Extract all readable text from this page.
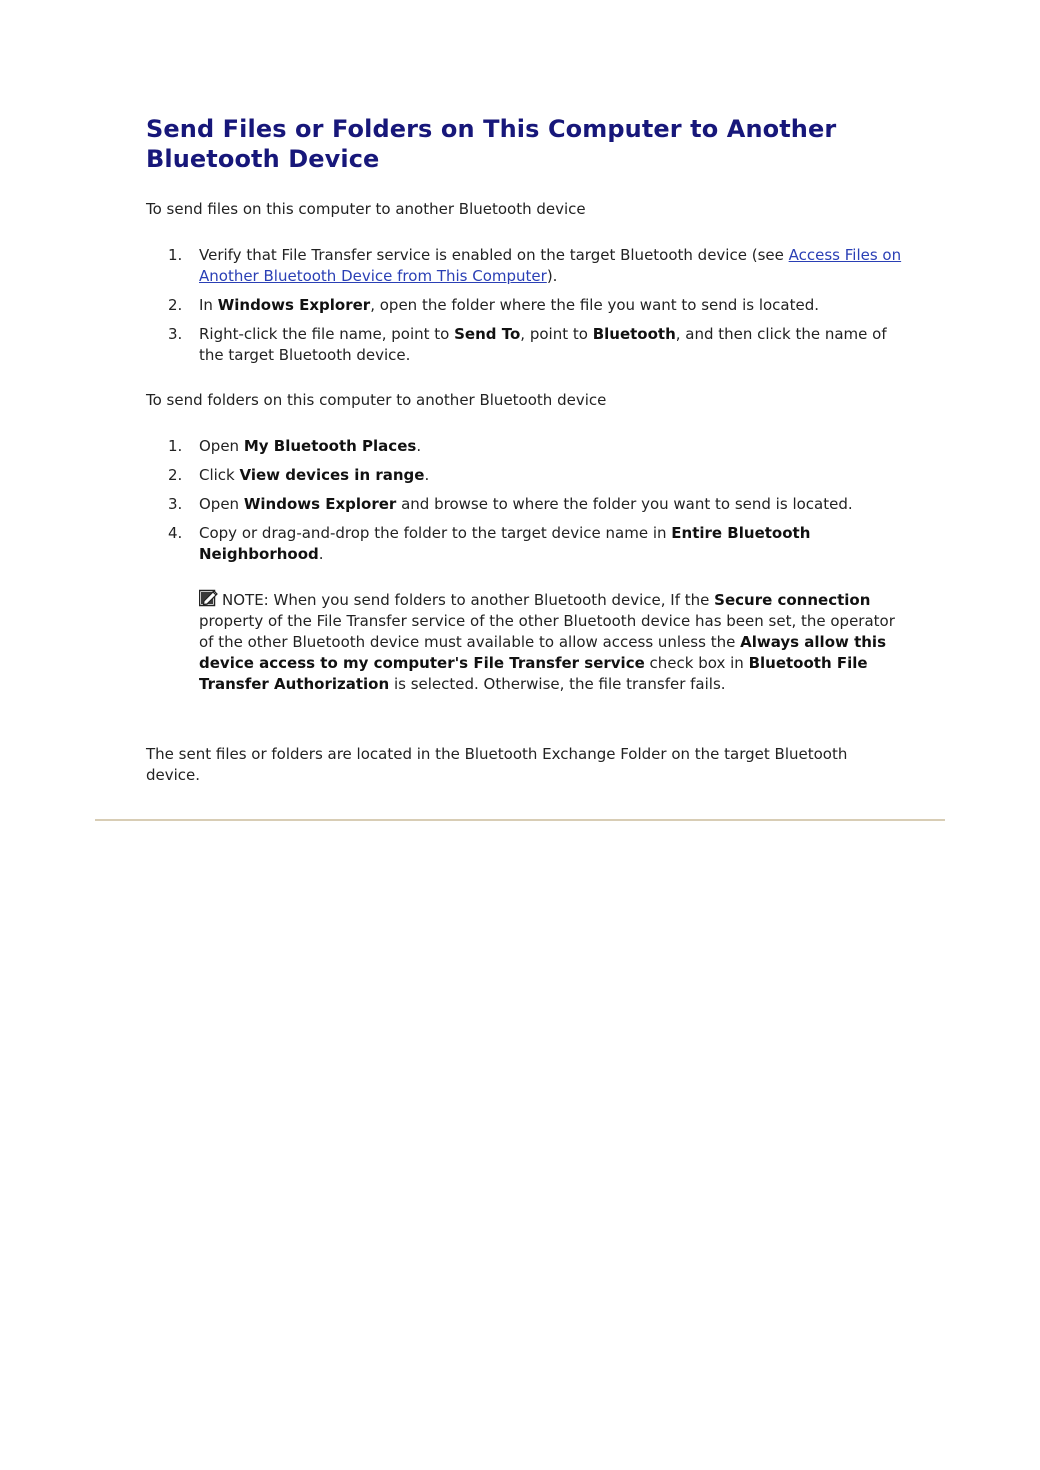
Send Files or Folders on This Computer to Another Bluetooth Device

To send files on this computer to another Bluetooth device

1. Verify that File Transfer service is enabled on the target Bluetooth device (see Access Files on Another Bluetooth Device from This Computer).
2. In Windows Explorer, open the folder where the file you want to send is located.
3. Right-click the file name, point to Send To, point to Bluetooth, and then click the name of the target Bluetooth device.

To send folders on this computer to another Bluetooth device

1. Open My Bluetooth Places.
2. Click View devices in range.
3. Open Windows Explorer and browse to where the folder you want to send is located.
4. Copy or drag-and-drop the folder to the target device name in Entire Bluetooth Neighborhood.
NOTE: When you send folders to another Bluetooth device, If the Secure connection property of the File Transfer service of the other Bluetooth device has been set, the operator of the other Bluetooth device must available to allow access unless the Always allow this device access to my computer's File Transfer service check box in Bluetooth File Transfer Authorization is selected. Otherwise, the file transfer fails.

The sent files or folders are located in the Bluetooth Exchange Folder on the target Bluetooth device.
